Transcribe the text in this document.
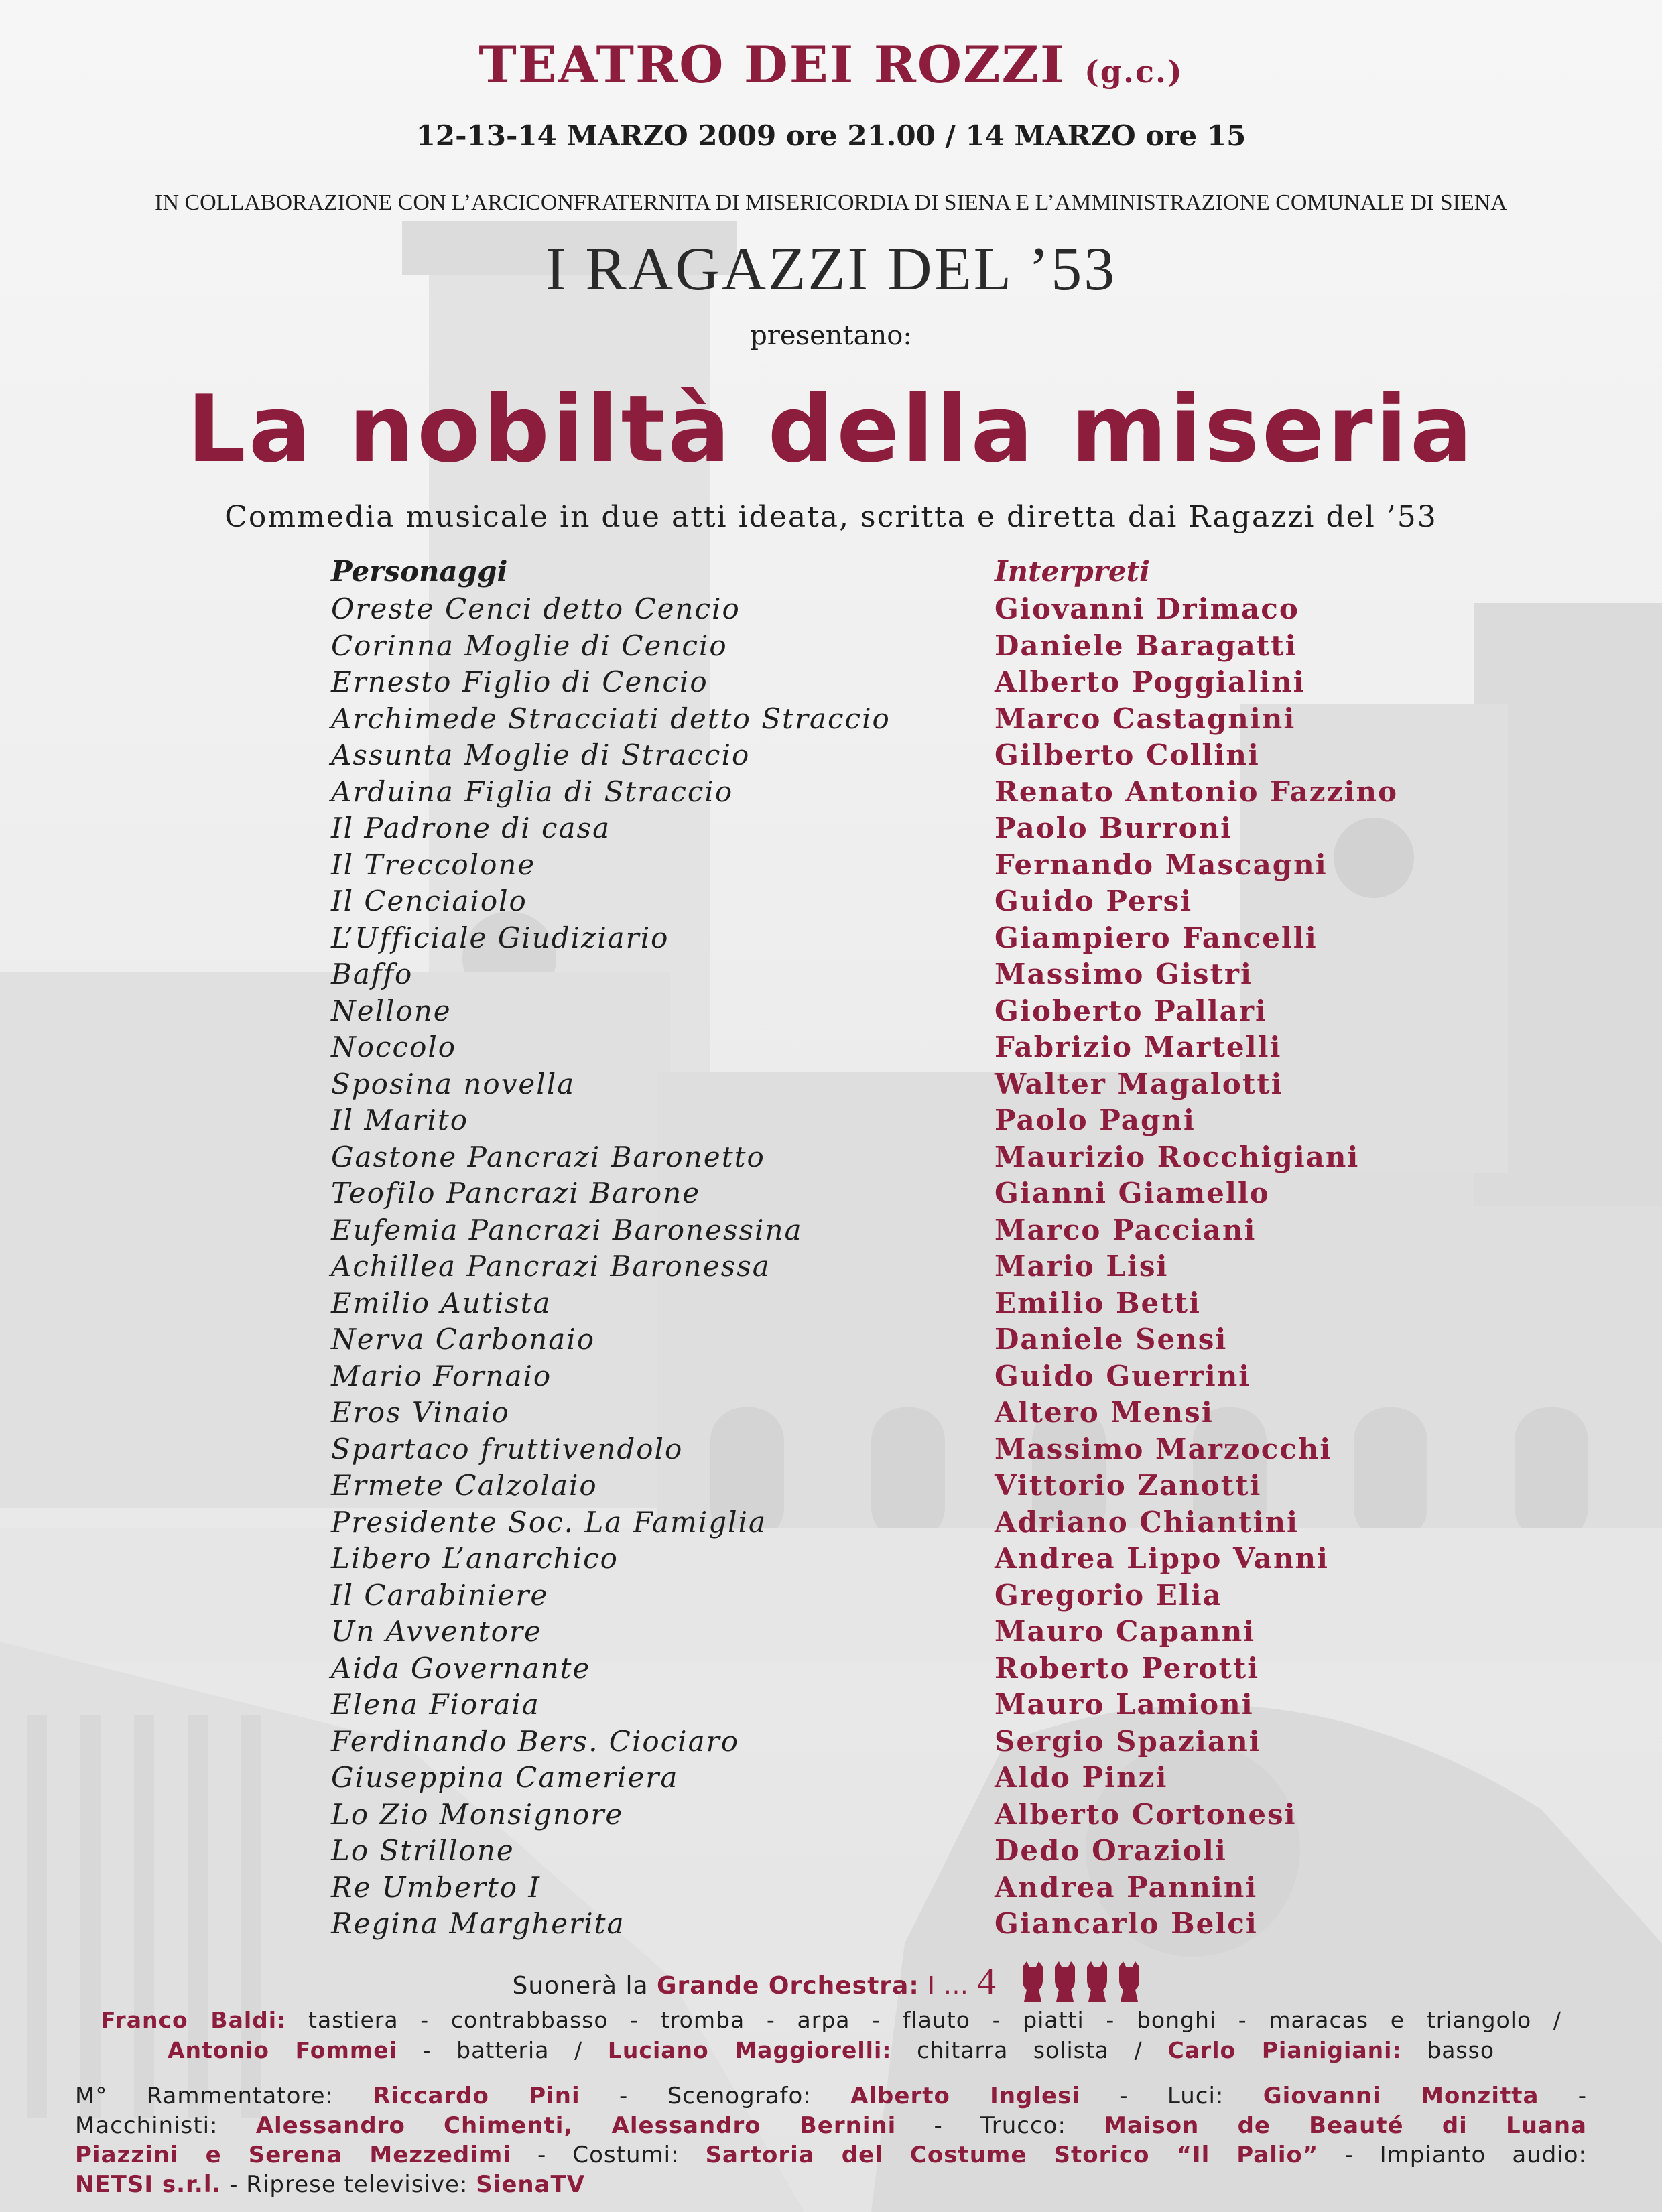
TEATRO DEI ROZZI (g.c.)
12-13-14 MARZO 2009 ore 21.00 / 14 MARZO ore 15
IN COLLABORAZIONE CON L’ARCICONFRATERNITA DI MISERICORDIA DI SIENA E L’AMMINISTRAZIONE COMUNALE DI SIENA
I RAGAZZI DEL ’53
presentano:
La nobiltà della miseria
Commedia musicale in due atti ideata, scritta e diretta dai Ragazzi del ’53
Personaggi	Interpreti
Oreste Cenci detto Cencio	Giovanni Drimaco
Corinna Moglie di Cencio	Daniele Baragatti
Ernesto Figlio di Cencio	Alberto Poggialini
Archimede Stracciati detto Straccio	Marco Castagnini
Assunta Moglie di Straccio	Gilberto Collini
Arduina Figlia di Straccio	Renato Antonio Fazzino
Il Padrone di casa	Paolo Burroni
Il Treccolone	Fernando Mascagni
Il Cenciaiolo	Guido Persi
L’Ufficiale Giudiziario	Giampiero Fancelli
Baffo	Massimo Gistri
Nellone	Gioberto Pallari
Noccolo	Fabrizio Martelli
Sposina novella	Walter Magalotti
Il Marito	Paolo Pagni
Gastone Pancrazi Baronetto	Maurizio Rocchigiani
Teofilo Pancrazi Barone	Gianni Giamello
Eufemia Pancrazi Baronessina	Marco Pacciani
Achillea Pancrazi Baronessa	Mario Lisi
Emilio Autista	Emilio Betti
Nerva Carbonaio	Daniele Sensi
Mario Fornaio	Guido Guerrini
Eros Vinaio	Altero Mensi
Spartaco fruttivendolo	Massimo Marzocchi
Ermete Calzolaio	Vittorio Zanotti
Presidente Soc. La Famiglia	Adriano Chiantini
Libero L’anarchico	Andrea Lippo Vanni
Il Carabiniere	Gregorio Elia
Un Avventore	Mauro Capanni
Aida Governante	Roberto Perotti
Elena Fioraia	Mauro Lamioni
Ferdinando Bers. Ciociaro	Sergio Spaziani
Giuseppina Cameriera	Aldo Pinzi
Lo Zio Monsignore	Alberto Cortonesi
Lo Strillone	Dedo Orazioli
Re Umberto I	Andrea Pannini
Regina Margherita	Giancarlo Belci
Suonerà la Grande Orchestra: I ... 4
Franco Baldi: tastiera - contrabbasso - tromba - arpa - flauto - piatti - bonghi - maracas e triangolo /
Antonio Fommei - batteria / Luciano Maggiorelli: chitarra solista / Carlo Pianigiani: basso
M° Rammentatore: Riccardo Pini - Scenografo: Alberto Inglesi - Luci: Giovanni Monzitta -
Macchinisti: Alessandro Chimenti, Alessandro Bernini - Trucco: Maison de Beauté di Luana
Piazzini e Serena Mezzedimi - Costumi: Sartoria del Costume Storico “Il Palio” - Impianto audio:
NETSI s.r.l. - Riprese televisive: SienaTV
